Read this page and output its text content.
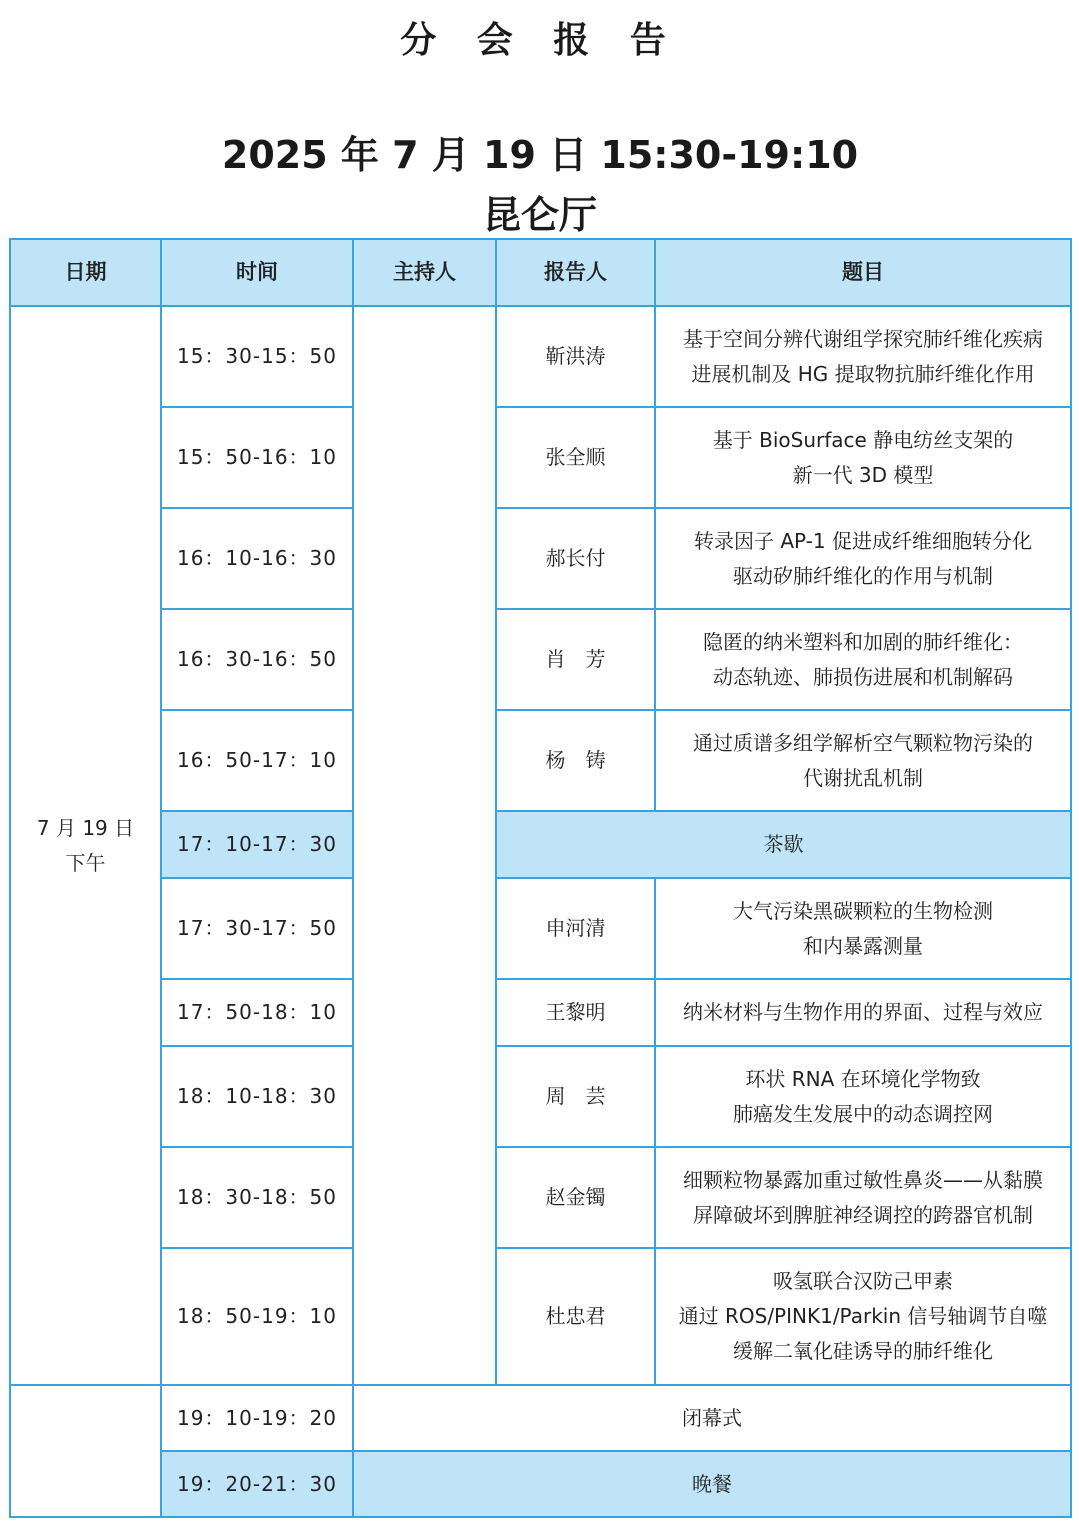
分 会 报 告
2025 年 7 月 19 日 15:30-19:10
昆仑厅
日期	时间	主持人	报告人	题目

7 月 19 日
下午	15：30-15：50		靳洪涛	基于空间分辨代谢组学探究肺纤维化疾病
进展机制及 HG 提取物抗肺纤维化作用

	15：50-16：10		张全顺	基于 BioSurface 静电纺丝支架的
新一代 3D 模型

	16：10-16：30		郝长付	转录因子 AP-1 促进成纤维细胞转分化
驱动矽肺纤维化的作用与机制

	16：30-16：50		肖　芳	隐匿的纳米塑料和加剧的肺纤维化：
动态轨迹、肺损伤进展和机制解码

	16：50-17：10		杨　铸	通过质谱多组学解析空气颗粒物污染的
代谢扰乱机制

	17：10-17：30		茶歇	
	17：30-17：50		申河清	大气污染黑碳颗粒的生物检测
和内暴露测量

	17：50-18：10		王黎明	纳米材料与生物作用的界面、过程与效应

	18：10-18：30		周　芸	环状 RNA 在环境化学物致
肺癌发生发展中的动态调控网

	18：30-18：50		赵金镯	细颗粒物暴露加重过敏性鼻炎——从黏膜
屏障破坏到脾脏神经调控的跨器官机制

	18：50-19：10		杜忠君	吸氢联合汉防己甲素
通过 ROS/PINK1/Parkin 信号轴调节自噬
缓解二氧化硅诱导的肺纤维化

	19：10-19：20	闭幕式		
	19：20-21：30	晚餐		
